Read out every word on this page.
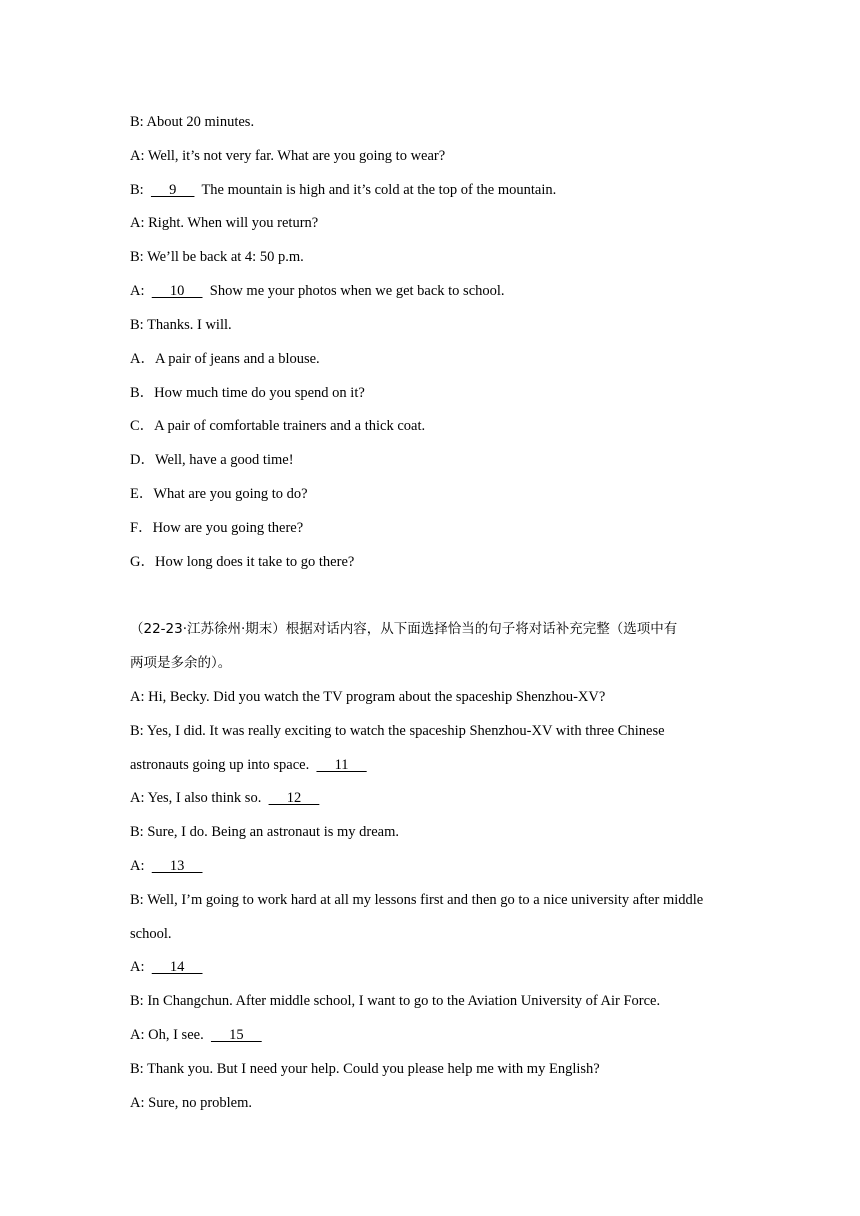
B: About 20 minutes.
A: Well, it’s not very far. What are you going to wear?
B:       9       The mountain is high and it’s cold at the top of the mountain.
A: Right. When will you return?
B: We’ll be back at 4: 50 p.m.
A:       10       Show me your photos when we get back to school.
B: Thanks. I will.
A．A pair of jeans and a blouse.
B．How much time do you spend on it?
C．A pair of comfortable trainers and a thick coat.
D．Well, have a good time!
E．What are you going to do?
F．How are you going there?
G．How long does it take to go there?
（22-23·江苏徐州·期末）根据对话内容，从下面选择恰当的句子将对话补充完整（选项中有
两项是多余的）。
A: Hi, Becky. Did you watch the TV program about the spaceship Shenzhou-XV?
B: Yes, I did. It was really exciting to watch the spaceship Shenzhou-XV with three Chinese
astronauts going up into space.       11
A: Yes, I also think so.       12
B: Sure, I do. Being an astronaut is my dream.
A:       13
B: Well, I’m going to work hard at all my lessons first and then go to a nice university after middle
school.
A:       14
B: In Changchun. After middle school, I want to go to the Aviation University of Air Force.
A: Oh, I see.       15
B: Thank you. But I need your help. Could you please help me with my English?
A: Sure, no problem.
